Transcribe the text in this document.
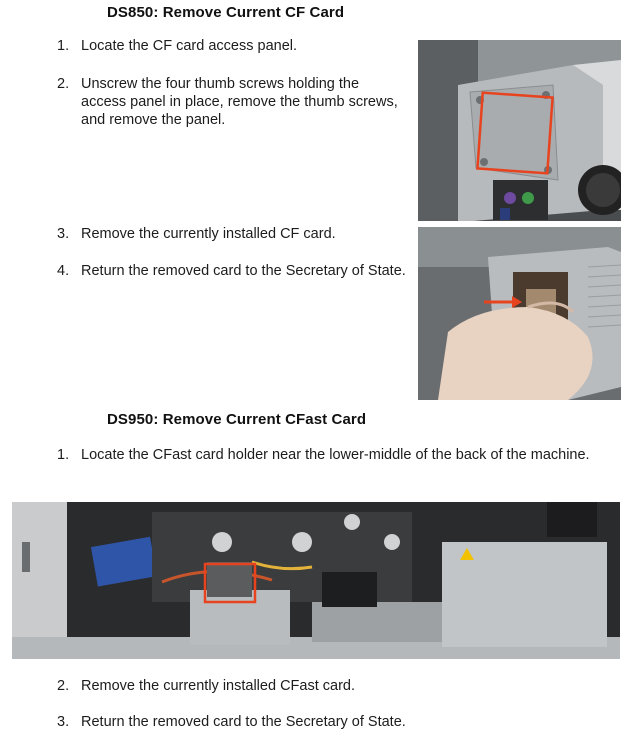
DS850: Remove Current CF Card
1. Locate the CF card access panel.
2. Unscrew the four thumb screws holding the access panel in place, remove the thumb screws, and remove the panel.
3. Remove the currently installed CF card.
4. Return the removed card to the Secretary of State.
DS950: Remove Current CFast Card
1. Locate the CFast card holder near the lower-middle of the back of the machine.
2. Remove the currently installed CFast card.
3. Return the removed card to the Secretary of State.
